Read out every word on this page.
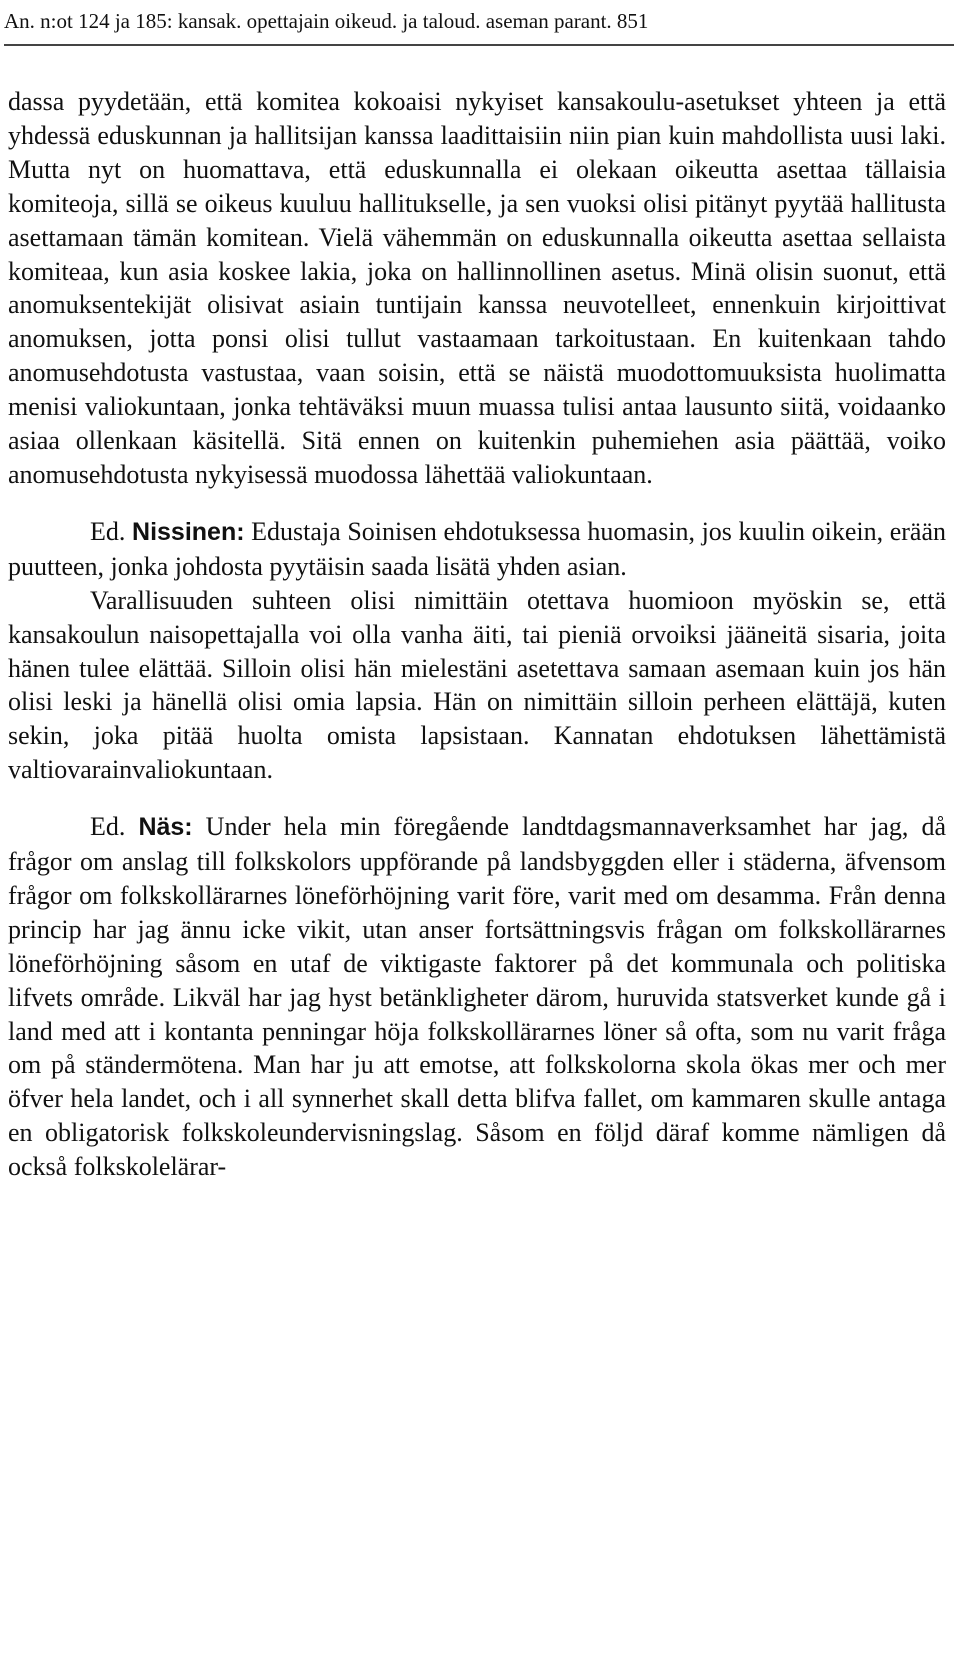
An. n:ot 124 ja 185: kansak. opettajain oikeud. ja taloud. aseman parant. 851

dassa pyydetään, että komitea kokoaisi nykyiset kansakoulu-asetukset yhteen ja että yhdessä eduskunnan ja hallitsijan kanssa laadittaisiin niin pian kuin mahdollista uusi laki. Mutta nyt on huomattava, että eduskunnalla ei olekaan oikeutta asettaa tällaisia komiteoja, sillä se oikeus kuuluu hallitukselle, ja sen vuoksi olisi pitänyt pyytää hallitusta asettamaan tämän komitean. Vielä vähemmän on eduskunnalla oikeutta asettaa sellaista komiteaa, kun asia koskee lakia, joka on hallinnollinen asetus. Minä olisin suonut, että anomuksentekijät olisivat asiain tuntijain kanssa neuvotelleet, ennenkuin kirjoittivat anomuksen, jotta ponsi olisi tullut vastaamaan tarkoitustaan. En kuitenkaan tahdo anomusehdotusta vastustaa, vaan soisin, että se näistä muodottomuuksista huolimatta menisi valiokuntaan, jonka tehtäväksi muun muassa tulisi antaa lausunto siitä, voidaanko asiaa ollenkaan käsitellä. Sitä ennen on kuitenkin puhemiehen asia päättää, voiko anomusehdotusta nykyisessä muodossa lähettää valiokuntaan.

Ed. Nissinen: Edustaja Soinisen ehdotuksessa huomasin, jos kuulin oikein, erään puutteen, jonka johdosta pyytäisin saada lisätä yhden asian.

Varallisuuden suhteen olisi nimittäin otettava huomioon myöskin se, että kansakoulun naisopettajalla voi olla vanha äiti, tai pieniä orvoiksi jääneitä sisaria, joita hänen tulee elättää. Silloin olisi hän mielestäni asetettava samaan asemaan kuin jos hän olisi leski ja hänellä olisi omia lapsia. Hän on nimittäin silloin perheen elättäjä, kuten sekin, joka pitää huolta omista lapsistaan. Kannatan ehdotuksen lähettämistä valtiovarainvaliokuntaan.

Ed. Näs: Under hela min föregående landtdagsmannaverksamhet har jag, då frågor om anslag till folkskolors uppförande på landsbyggden eller i städerna, äfvensom frågor om folkskollärarnes löneförhöjning varit före, varit med om desamma. Från denna princip har jag ännu icke vikit, utan anser fortsättningsvis frågan om folkskollärarnes löneförhöjning såsom en utaf de viktigaste faktorer på det kommunala och politiska lifvets område. Likväl har jag hyst betänkligheter därom, huruvida statsverket kunde gå i land med att i kontanta penningar höja folkskollärarnes löner så ofta, som nu varit fråga om på ständermötena. Man har ju att emotse, att folkskolorna skola ökas mer och mer öfver hela landet, och i all synnerhet skall detta blifva fallet, om kammaren skulle antaga en obligatorisk folkskoleundervisningslag. Såsom en följd däraf komme nämligen då också folkskolelärar-
